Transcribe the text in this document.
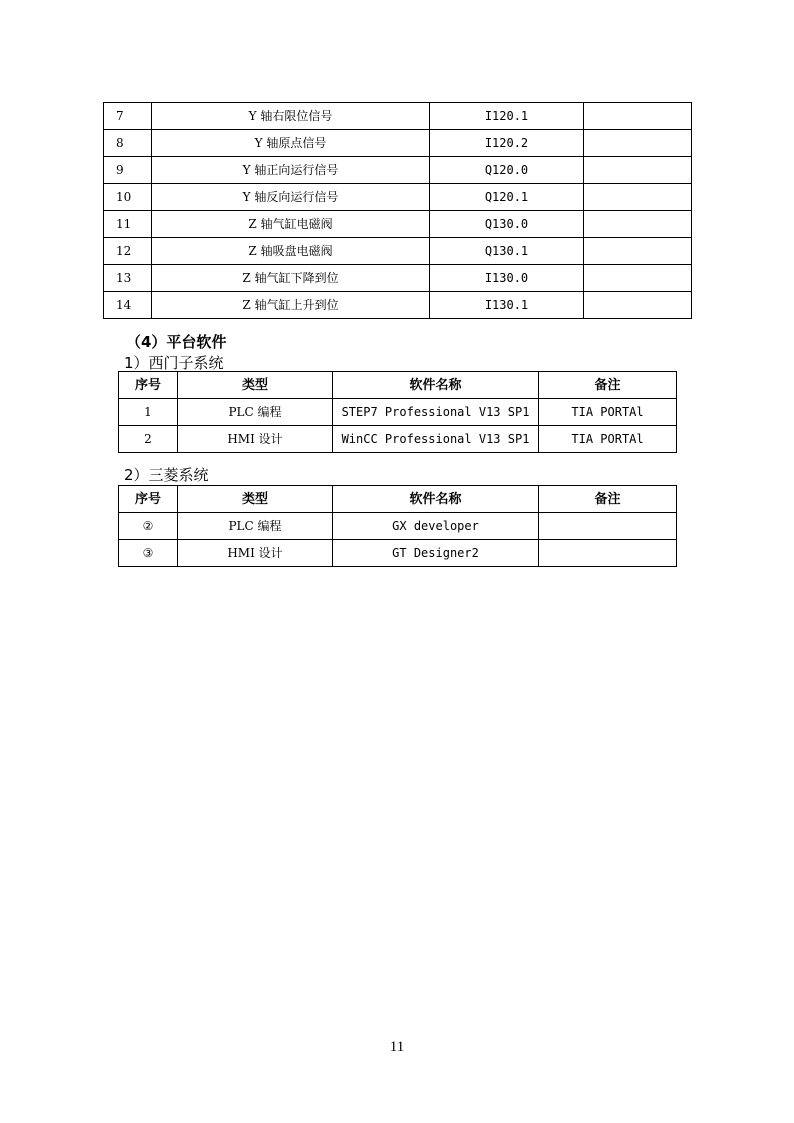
7	Y 轴右限位信号	I120.1	
8	Y 轴原点信号	I120.2	
9	Y 轴正向运行信号	Q120.0	
10	Y 轴反向运行信号	Q120.1	
11	Z 轴气缸电磁阀	Q130.0	
12	Z 轴吸盘电磁阀	Q130.1	
13	Z 轴气缸下降到位	I130.0	
14	Z 轴气缸上升到位	I130.1	
（4）平台软件
1）西门子系统
序号	类型	软件名称	备注
1	PLC 编程	STEP7 Professional V13 SP1	TIA PORTAl
2	HMI 设计	WinCC Professional V13 SP1	TIA PORTAl
2）三菱系统
序号	类型	软件名称	备注
②	PLC 编程	GX developer	
③	HMI 设计	GT Designer2	
11
